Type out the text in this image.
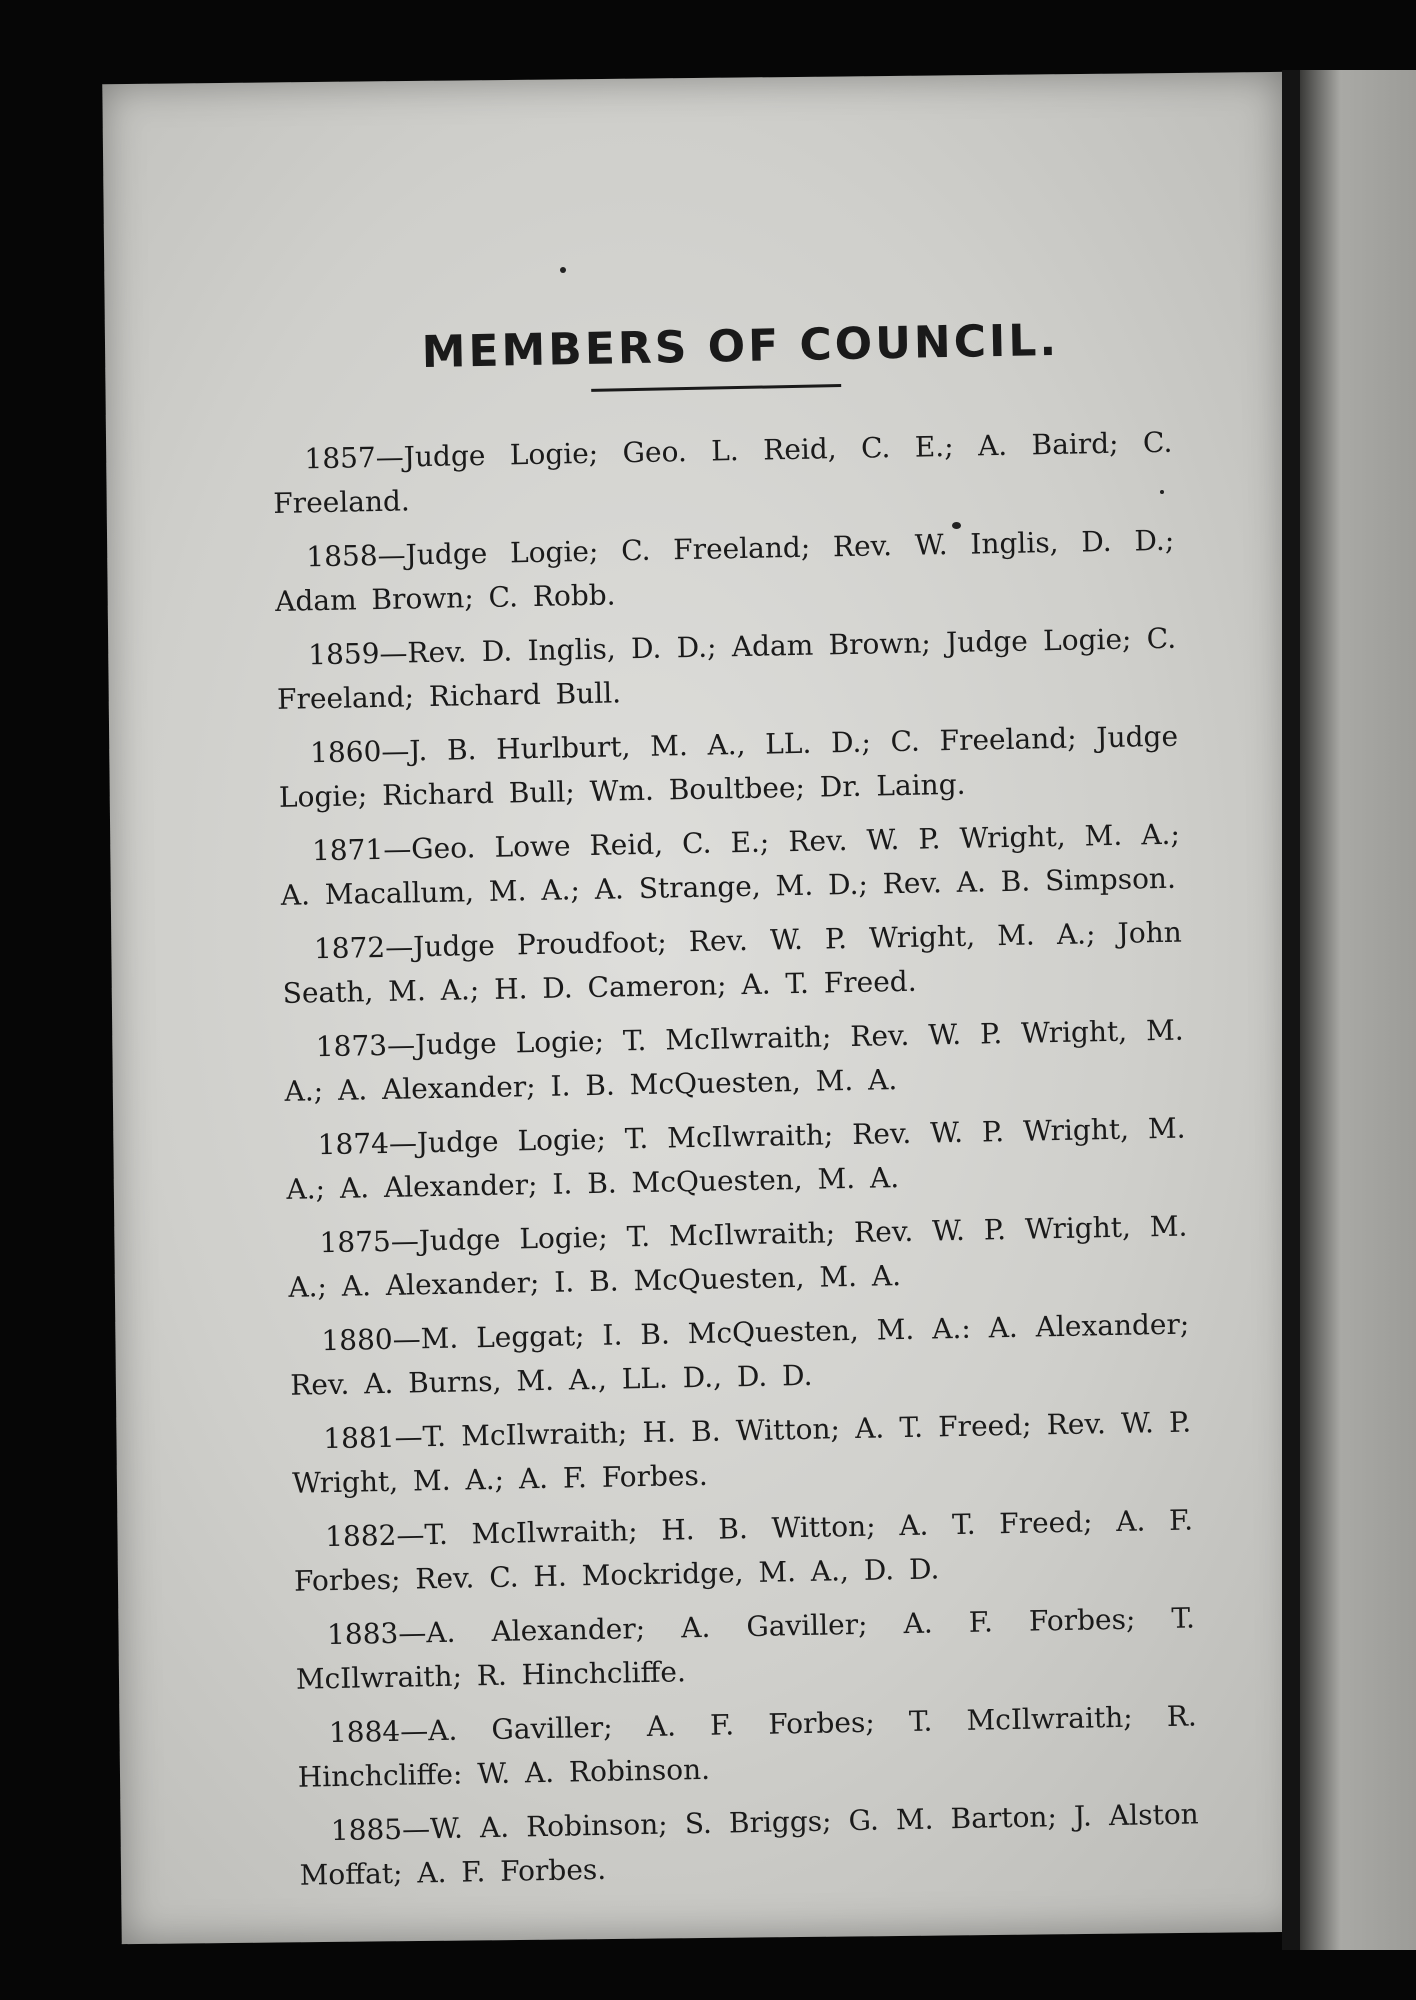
MEMBERS OF COUNCIL.

1857—Judge Logie; Geo. L. Reid, C. E.; A. Baird; C. Freeland.

1858—Judge Logie; C. Freeland; Rev. W. Inglis, D. D.; Adam Brown; C. Robb.

1859—Rev. D. Inglis, D. D.; Adam Brown; Judge Logie; C. Freeland; Richard Bull.

1860—J. B. Hurlburt, M. A., LL. D.; C. Freeland; Judge Logie; Richard Bull; Wm. Boultbee; Dr. Laing.

1871—Geo. Lowe Reid, C. E.; Rev. W. P. Wright, M. A.; A. Macallum, M. A.; A. Strange, M. D.; Rev. A. B. Simpson.

1872—Judge Proudfoot; Rev. W. P. Wright, M. A.; John Seath, M. A.; H. D. Cameron; A. T. Freed.

1873—Judge Logie; T. McIlwraith; Rev. W. P. Wright, M. A.; A. Alexander; I. B. McQuesten, M. A.

1874—Judge Logie; T. McIlwraith; Rev. W. P. Wright, M. A.; A. Alexander; I. B. McQuesten, M. A.

1875—Judge Logie; T. McIlwraith; Rev. W. P. Wright, M. A.; A. Alexander; I. B. McQuesten, M. A.

1880—M. Leggat; I. B. McQuesten, M. A.: A. Alexander; Rev. A. Burns, M. A., LL. D., D. D.

1881—T. McIlwraith; H. B. Witton; A. T. Freed; Rev. W. P. Wright, M. A.; A. F. Forbes.

1882—T. McIlwraith; H. B. Witton; A. T. Freed; A. F. Forbes; Rev. C. H. Mockridge, M. A., D. D.

1883—A. Alexander; A. Gaviller; A. F. Forbes; T. McIlwraith; R. Hinchcliffe.

1884—A. Gaviller; A. F. Forbes; T. McIlwraith; R. Hinchcliffe: W. A. Robinson.

1885—W. A. Robinson; S. Briggs; G. M. Barton; J. Alston Moffat; A. F. Forbes.
